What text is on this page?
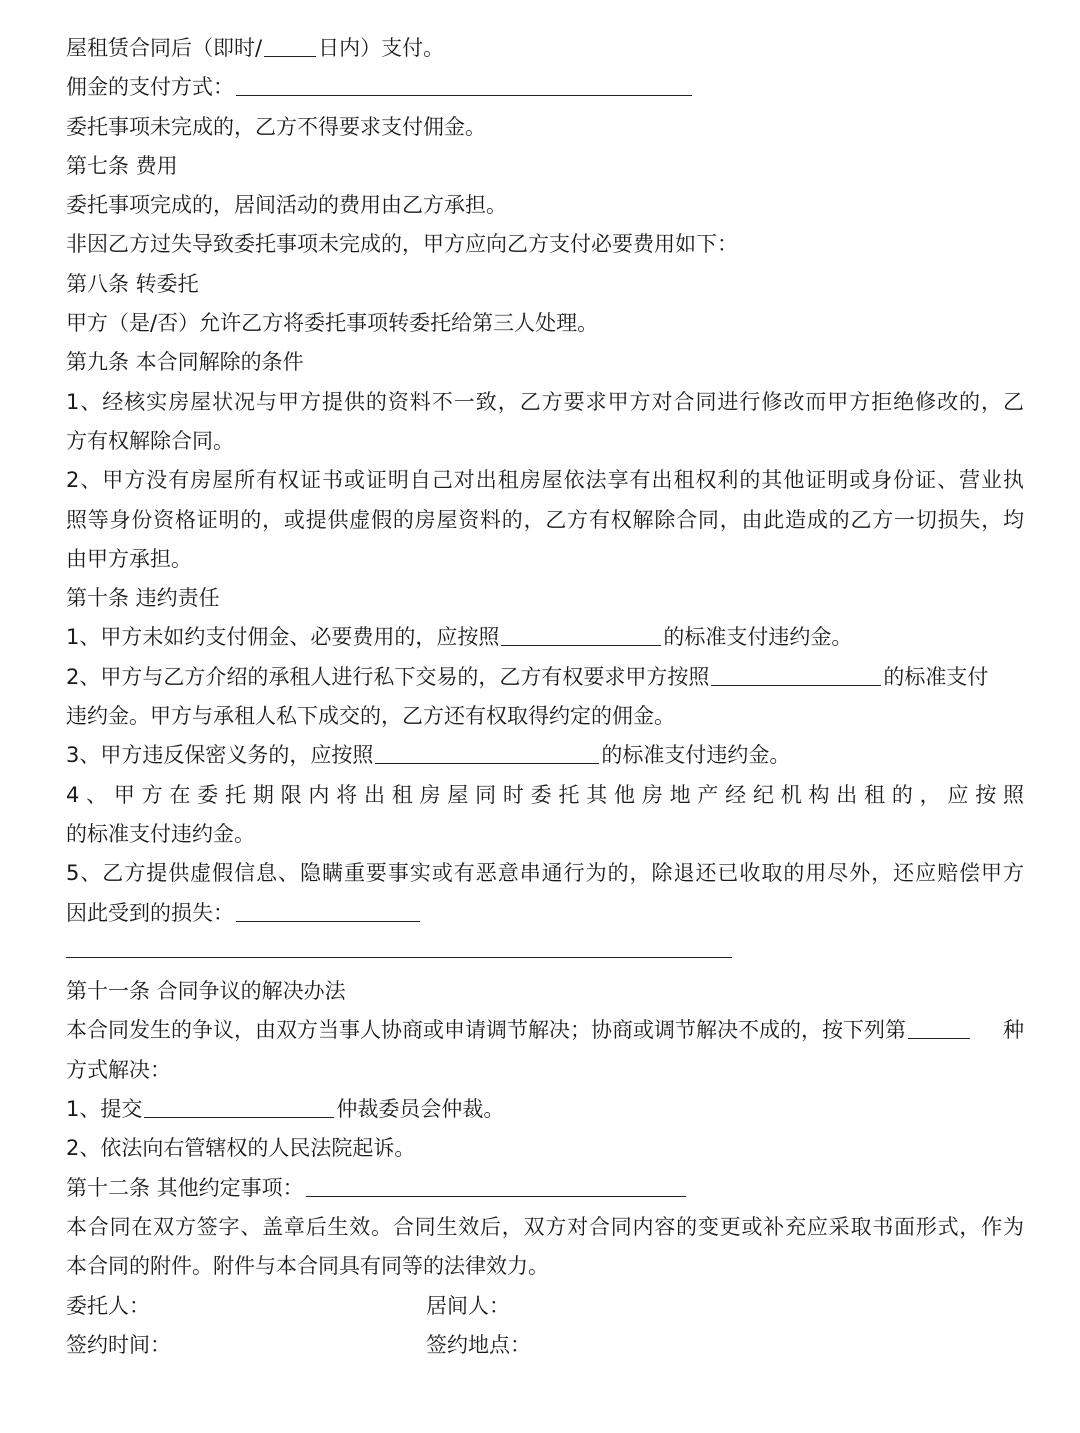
屋租赁合同后（即时/	日内）支付。
佣金的支付方式：
委托事项未完成的，乙方不得要求支付佣金。
第七条 费用
委托事项完成的，居间活动的费用由乙方承担。
非因乙方过失导致委托事项未完成的，甲方应向乙方支付必要费用如下：
第八条 转委托
甲方（是/否）允许乙方将委托事项转委托给第三人处理。
第九条 本合同解除的条件
1、经核实房屋状况与甲方提供的资料不一致，乙方要求甲方对合同进行修改而甲方拒绝修改的，乙
方有权解除合同。
2、甲方没有房屋所有权证书或证明自己对出租房屋依法享有出租权利的其他证明或身份证、营业执
照等身份资格证明的，或提供虚假的房屋资料的，乙方有权解除合同，由此造成的乙方一切损失，均
由甲方承担。
第十条 违约责任
1、甲方未如约支付佣金、必要费用的，应按照	的标准支付违约金。
2、甲方与乙方介绍的承租人进行私下交易的，乙方有权要求甲方按照	的标准支付
违约金。甲方与承租人私下成交的，乙方还有权取得约定的佣金。
3、甲方违反保密义务的，应按照	的标准支付违约金。
4、甲方在委托期限内将出租房屋同时委托其他房地产经纪机构出租的，应按照
的标准支付违约金。
5、乙方提供虚假信息、隐瞒重要事实或有恶意串通行为的，除退还已收取的用尽外，还应赔偿甲方
因此受到的损失：
第十一条 合同争议的解决办法
本合同发生的争议，由双方当事人协商或申请调节解决；协商或调节解决不成的，按下列第	种
方式解决：
1、提交	仲裁委员会仲裁。
2、依法向右管辖权的人民法院起诉。
第十二条 其他约定事项：
本合同在双方签字、盖章后生效。合同生效后，双方对合同内容的变更或补充应采取书面形式，作为
本合同的附件。附件与本合同具有同等的法律效力。
委托人：	居间人：
签约时间：	签约地点：
